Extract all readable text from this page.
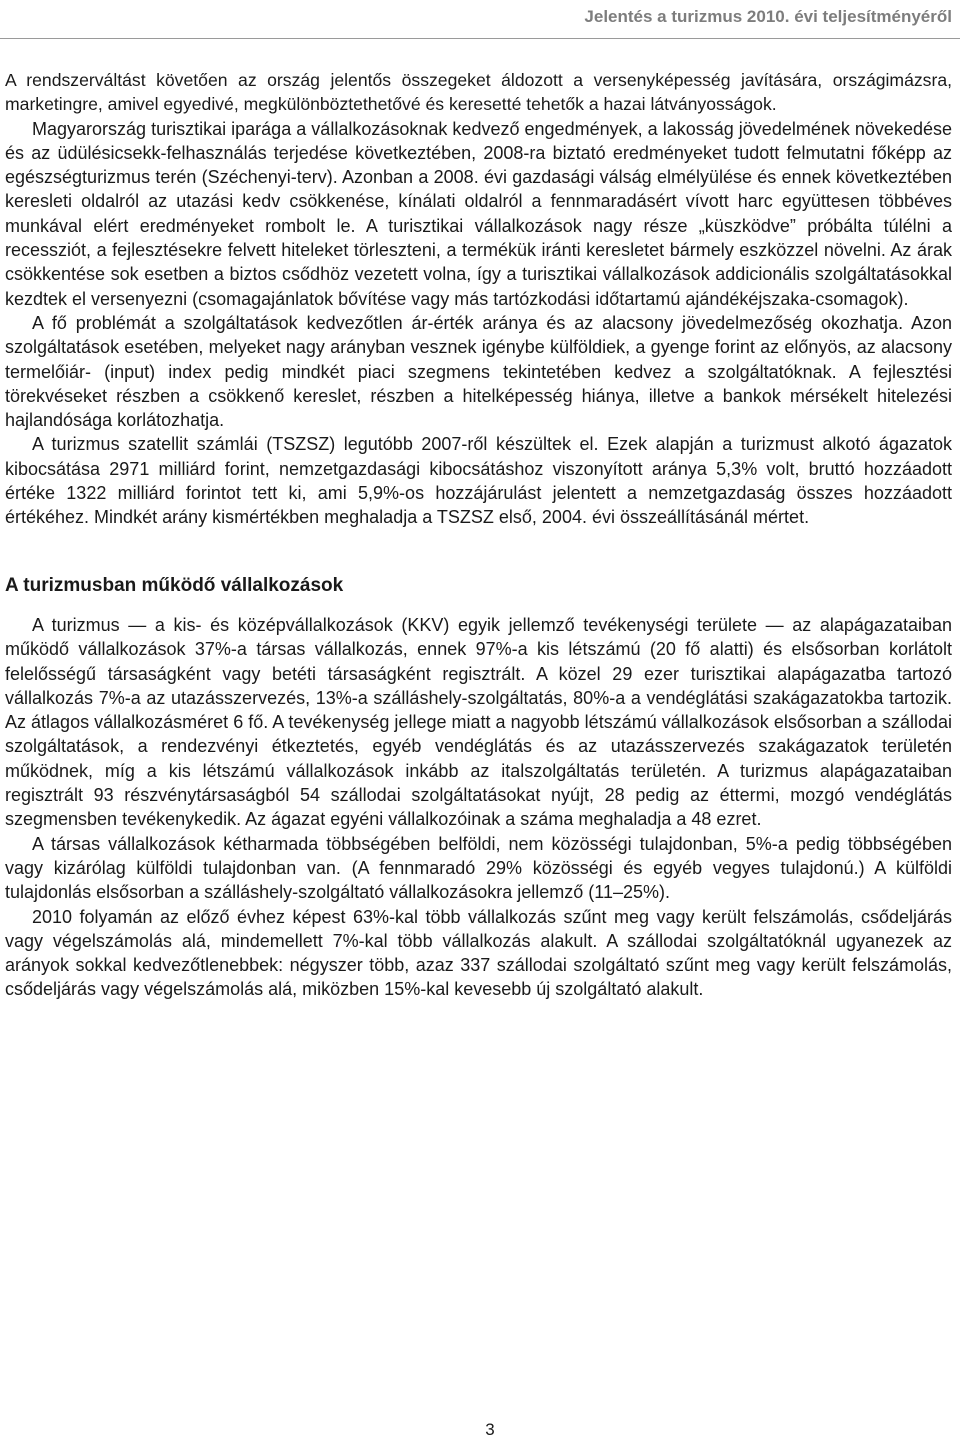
Jelentés a turizmus 2010. évi teljesítményéről

A rendszerváltást követően az ország jelentős összegeket áldozott a versenyképesség javítására, országimázsra, marketingre, amivel egyedivé, megkülönböztethetővé és keresetté tehetők a hazai látványosságok.

Magyarország turisztikai iparága a vállalkozásoknak kedvező engedmények, a lakosság jövedelmének növekedése és az üdülésicsekk-felhasználás terjedése következtében, 2008-ra biztató eredményeket tudott felmutatni főképp az egészségturizmus terén (Széchenyi-terv). Azonban a 2008. évi gazdasági válság elmélyülése és ennek következtében keresleti oldalról az utazási kedv csökkenése, kínálati oldalról a fennmaradásért vívott harc együttesen többéves munkával elért eredményeket rombolt le. A turisztikai vállalkozások nagy része „küszködve” próbálta túlélni a recessziót, a fejlesztésekre felvett hiteleket törleszteni, a termékük iránti keresletet bármely eszközzel növelni. Az árak csökkentése sok esetben a biztos csődhöz vezetett volna, így a turisztikai vállalkozások addicionális szolgáltatásokkal kezdtek el versenyezni (csomagajánlatok bővítése vagy más tartózkodási időtartamú ajándékéjszaka-csomagok).

A fő problémát a szolgáltatások kedvezőtlen ár-érték aránya és az alacsony jövedelmezőség okozhatja. Azon szolgáltatások esetében, melyeket nagy arányban vesznek igénybe külföldiek, a gyenge forint az előnyös, az alacsony termelőiár- (input) index pedig mindkét piaci szegmens tekintetében kedvez a szolgáltatóknak. A fejlesztési törekvéseket részben a csökkenő kereslet, részben a hitelképesség hiánya, illetve a bankok mérsékelt hitelezési hajlandósága korlátozhatja.

A turizmus szatellit számlái (TSZSZ) legutóbb 2007-ről készültek el. Ezek alapján a turizmust alkotó ágazatok kibocsátása 2971 milliárd forint, nemzetgazdasági kibocsátáshoz viszonyított aránya 5,3% volt, bruttó hozzáadott értéke 1322 milliárd forintot tett ki, ami 5,9%-os hozzájárulást jelentett a nemzetgazdaság összes hozzáadott értékéhez. Mindkét arány kismértékben meghaladja a TSZSZ első, 2004. évi összeállításánál mértet.

A turizmusban működő vállalkozások

A turizmus — a kis- és középvállalkozások (KKV) egyik jellemző tevékenységi területe — az alapágazataiban működő vállalkozások 37%-a társas vállalkozás, ennek 97%-a kis létszámú (20 fő alatti) és elsősorban korlátolt felelősségű társaságként vagy betéti társaságként regisztrált. A közel 29 ezer turisztikai alapágazatba tartozó vállalkozás 7%-a az utazásszervezés, 13%-a szálláshely-szolgáltatás, 80%-a a vendéglátási szakágazatokba tartozik. Az átlagos vállalkozásméret 6 fő. A tevékenység jellege miatt a nagyobb létszámú vállalkozások elsősorban a szállodai szolgáltatások, a rendezvényi étkeztetés, egyéb vendéglátás és az utazásszervezés szakágazatok területén működnek, míg a kis létszámú vállalkozások inkább az italszolgáltatás területén. A turizmus alapágazataiban regisztrált 93 részvénytársaságból 54 szállodai szolgáltatásokat nyújt, 28 pedig az éttermi, mozgó vendéglátás szegmensben tevékenykedik. Az ágazat egyéni vállalkozóinak a száma meghaladja a 48 ezret.

A társas vállalkozások kétharmada többségében belföldi, nem közösségi tulajdonban, 5%-a pedig többségében vagy kizárólag külföldi tulajdonban van. (A fennmaradó 29% közösségi és egyéb vegyes tulajdonú.) A külföldi tulajdonlás elsősorban a szálláshely-szolgáltató vállalkozásokra jellemző (11–25%).

2010 folyamán az előző évhez képest 63%-kal több vállalkozás szűnt meg vagy került felszámolás, csődeljárás vagy végelszámolás alá, mindemellett 7%-kal több vállalkozás alakult. A szállodai szolgáltatóknál ugyanezek az arányok sokkal kedvezőtlenebbek: négyszer több, azaz 337 szállodai szolgáltató szűnt meg vagy került felszámolás, csődeljárás vagy végelszámolás alá, miközben 15%-kal kevesebb új szolgáltató alakult.

3
